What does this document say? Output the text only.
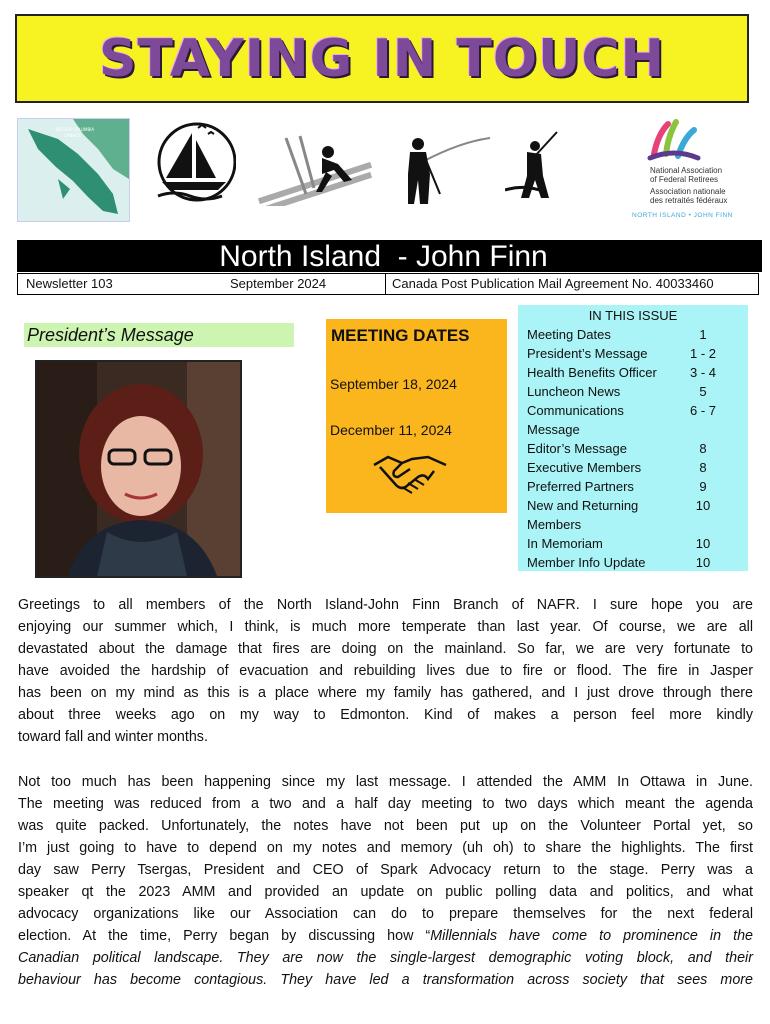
STAYING IN TOUCH
BRITISH COLUMBIA
CANADA
National Association
of Federal Retirees
Association nationale
des retraités fédéraux
NORTH ISLAND • JOHN FINN
North Island  - John Finn
Newsletter 103	September 2024	Canada Post Publication Mail Agreement No. 40033460
President’s Message	MEETING DATES
September 18, 2024
December 11, 2024
IN THIS ISSUE
Meeting Dates	1
President’s Message	1 - 2
Health Benefits Officer	3 - 4
Luncheon News	5
Communications	6 - 7
Message
Editor’s Message	8
Executive Members	8
Preferred Partners	9
New and Returning	10
Members
In Memoriam	10
Member Info Update	10
Greetings to all members of the North Island-John Finn Branch of NAFR. I sure hope you are
enjoying our summer which, I think, is much more temperate than last year. Of course, we are all
devastated about the damage that fires are doing on the mainland. So far, we are very fortunate to
have avoided the hardship of evacuation and rebuilding lives due to fire or flood. The fire in Jasper
has been on my mind as this is a place where my family has gathered, and I just drove through there
about three weeks ago on my way to Edmonton. Kind of makes a person feel more kindly
toward fall and winter months.
Not too much has been happening since my last message. I attended the AMM In Ottawa in June.
The meeting was reduced from a two and a half day meeting to two days which meant the agenda
was quite packed. Unfortunately, the notes have not been put up on the Volunteer Portal yet, so
I’m just going to have to depend on my notes and memory (uh oh) to share the highlights. The first
day saw Perry Tsergas, President and CEO of Spark Advocacy return to the stage. Perry was a
speaker qt the 2023 AMM and provided an update on public polling data and politics, and what
advocacy organizations like our Association can do to prepare themselves for the next federal
election. At the time, Perry began by discussing how “Millennials have come to prominence in the
Canadian political landscape. They are now the single-largest demographic voting block, and their
behaviour has become contagious. They have led a transformation across society that sees more
